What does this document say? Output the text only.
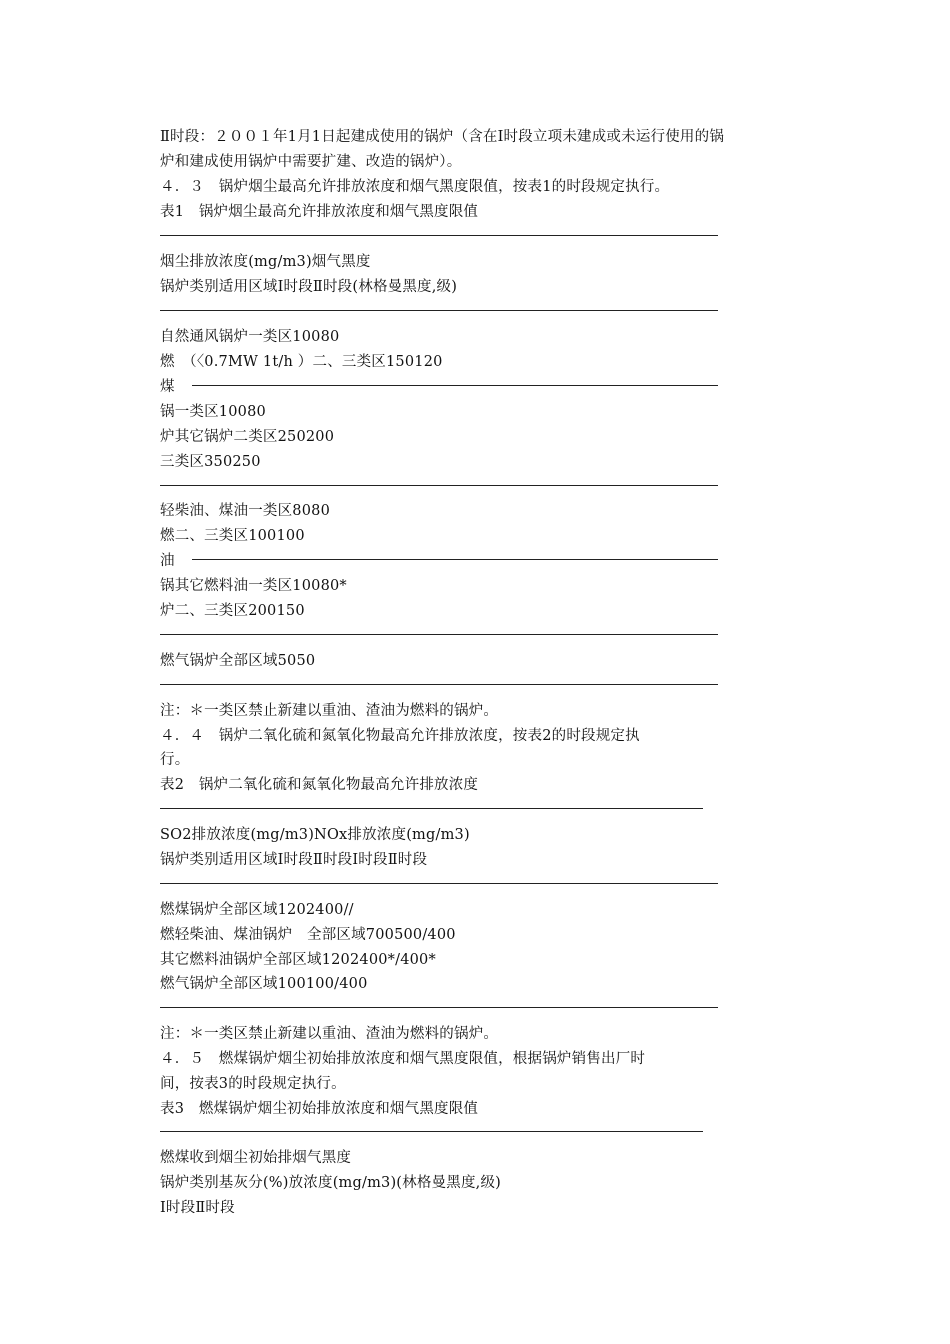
Ⅱ时段：２００１年1月1日起建成使用的锅炉（含在Ⅰ时段立项未建成或未运行使用的锅
炉和建成使用锅炉中需要扩建、改造的锅炉）。
４．３　锅炉烟尘最高允许排放浓度和烟气黑度限值，按表1的时段规定执行。
表1　锅炉烟尘最高允许排放浓度和烟气黑度限值
烟尘排放浓度(mg/m3)烟气黑度
锅炉类别适用区域Ⅰ时段Ⅱ时段(林格曼黑度,级)
自然通风锅炉一类区10080
燃　（〈0.7MW 1t/h ）二、三类区150120
煤
锅一类区10080
炉其它锅炉二类区250200
三类区350250
轻柴油、煤油一类区8080
燃二、三类区100100
油
锅其它燃料油一类区10080*
炉二、三类区200150
燃气锅炉全部区域5050
注：＊一类区禁止新建以重油、渣油为燃料的锅炉。
４．４　锅炉二氧化硫和氮氧化物最高允许排放浓度，按表2的时段规定执
行。
表2　锅炉二氧化硫和氮氧化物最高允许排放浓度
SO2排放浓度(mg/m3)NOx排放浓度(mg/m3)
锅炉类别适用区域Ⅰ时段Ⅱ时段Ⅰ时段Ⅱ时段
燃煤锅炉全部区域1202400//
燃轻柴油、煤油锅炉　全部区域700500/400
其它燃料油锅炉全部区域1202400*/400*
燃气锅炉全部区域100100/400
注：＊一类区禁止新建以重油、渣油为燃料的锅炉。
４．５　燃煤锅炉烟尘初始排放浓度和烟气黑度限值，根据锅炉销售出厂时
间，按表3的时段规定执行。
表3　燃煤锅炉烟尘初始排放浓度和烟气黑度限值
燃煤收到烟尘初始排烟气黑度
锅炉类别基灰分(%)放浓度(mg/m3)(林格曼黑度,级)
Ⅰ时段Ⅱ时段
